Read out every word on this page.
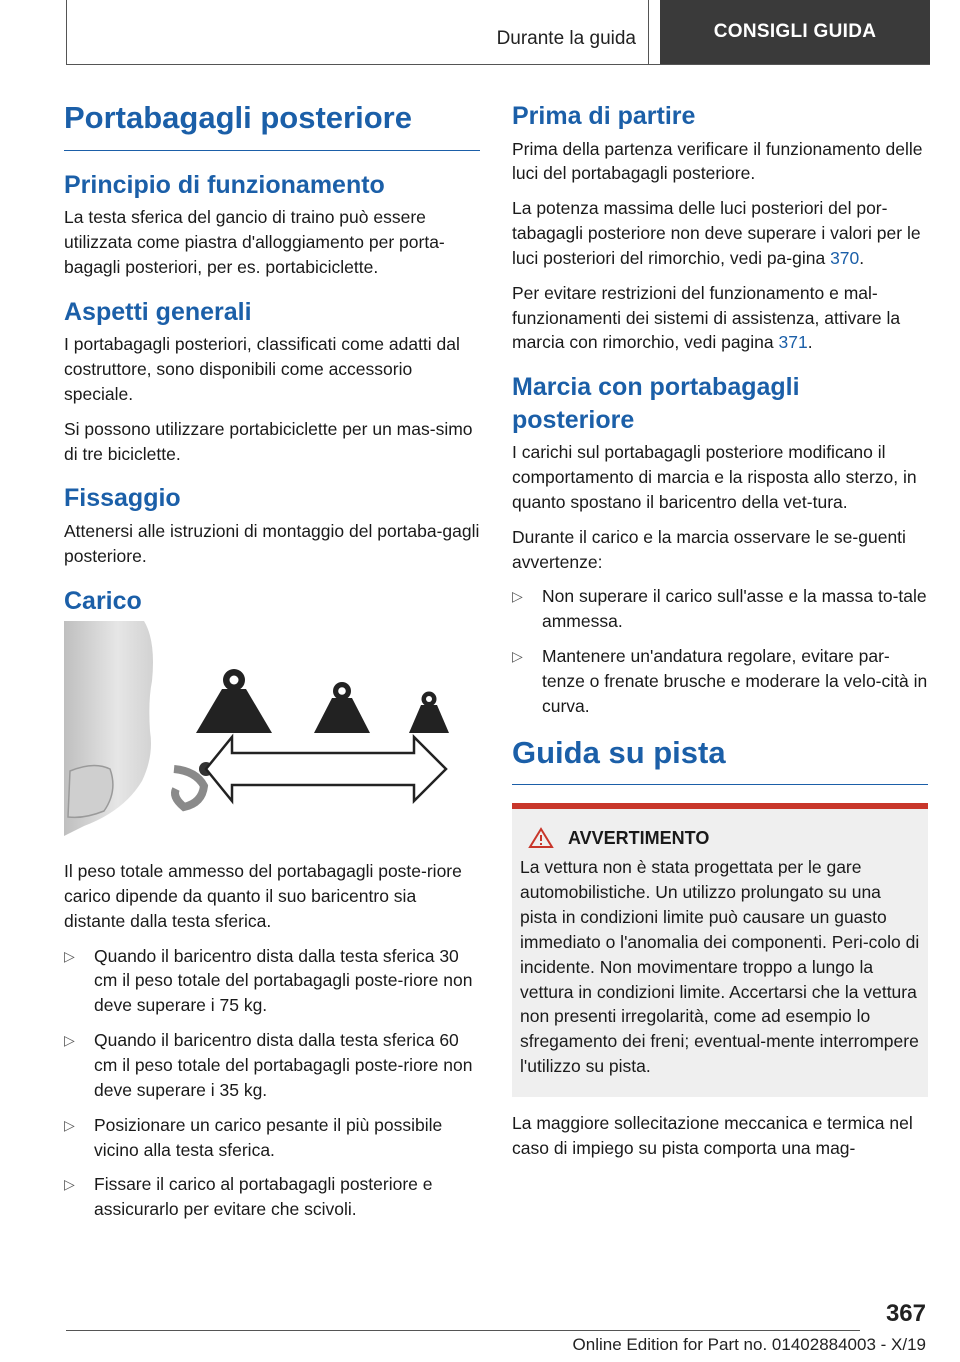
Durante la guida	CONSIGLI GUIDA
Portabagagli posteriore
Principio di funzionamento

La testa sferica del gancio di traino può essere utilizzata come piastra d'alloggiamento per porta‐bagagli posteriori, per es. portabiciclette.

Aspetti generali

I portabagagli posteriori, classificati come adatti dal costruttore, sono disponibili come accessorio speciale.

Si possono utilizzare portabiciclette per un mas‐simo di tre biciclette.

Fissaggio

Attenersi alle istruzioni di montaggio del portaba‐gagli posteriore.

Carico

Il peso totale ammesso del portabagagli poste‐riore carico dipende da quanto il suo baricentro sia distante dalla testa sferica.

▷ Quando il baricentro dista dalla testa sferica 30 cm il peso totale del portabagagli poste‐riore non deve superare i 75 kg.
▷ Quando il baricentro dista dalla testa sferica 60 cm il peso totale del portabagagli poste‐riore non deve superare i 35 kg.
▷ Posizionare un carico pesante il più possibile vicino alla testa sferica.
▷ Fissare il carico al portabagagli posteriore e assicurarlo per evitare che scivoli.
Prima di partire

Prima della partenza verificare il funzionamento delle luci del portabagagli posteriore.

La potenza massima delle luci posteriori del por‐tabagagli posteriore non deve superare i valori per le luci posteriori del rimorchio, vedi pa‐gina 370.

Per evitare restrizioni del funzionamento e mal‐funzionamenti dei sistemi di assistenza, attivare la marcia con rimorchio, vedi pagina 371.

Marcia con portabagagli posteriore

I carichi sul portabagagli posteriore modificano il comportamento di marcia e la risposta allo sterzo, in quanto spostano il baricentro della vet‐tura.

Durante il carico e la marcia osservare le se‐guenti avvertenze:

▷ Non superare il carico sull'asse e la massa to‐tale ammessa.
▷ Mantenere un'andatura regolare, evitare par‐tenze o frenate brusche e moderare la velo‐cità in curva.
Guida su pista
AVVERTIMENTO

La vettura non è stata progettata per le gare automobilistiche. Un utilizzo prolungato su una pista in condizioni limite può causare un guasto immediato o l'anomalia dei componenti. Peri‐colo di incidente. Non movimentare troppo a lungo la vettura in condizioni limite. Accertarsi che la vettura non presenti irregolarità, come ad esempio lo sfregamento dei freni; eventual‐mente interrompere l'utilizzo su pista.

La maggiore sollecitazione meccanica e termica nel caso di impiego su pista comporta una mag‐

367
Online Edition for Part no. 01402884003 - X/19
